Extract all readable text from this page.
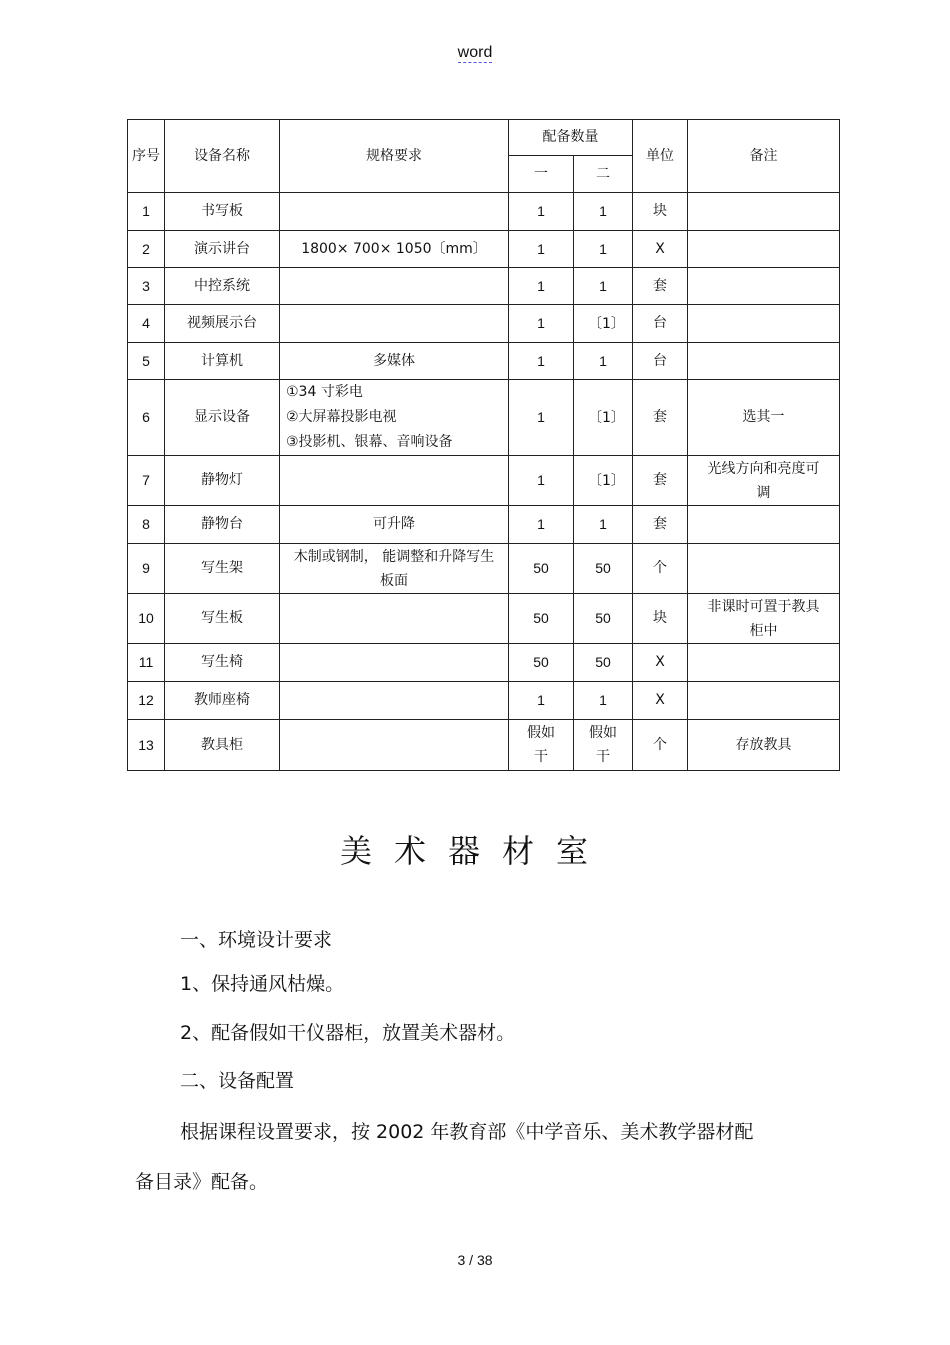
word
序号	设备名称	规格要求	配备数量		单位	备注
			一	二		
1	书写板		1	1	块	
2	演示讲台	1800× 700× 1050〔mm〕	1	1	X	
3	中控系统		1	1	套	
4	视频展示台		1	〔1〕	台	
5	计算机	多媒体	1	1	台	
6	显示设备	①34 寸彩电
②大屏幕投影电视
③投影机、银幕、音响设备	1	〔1〕	套	选其一
7	静物灯		1	〔1〕	套	光线方向和亮度可调
8	静物台	可升降	1	1	套	
9	写生架	木制或钢制， 能调整和升降写生板面	50	50	个	
10	写生板		50	50	块	非课时可置于教具柜中
11	写生椅		50	50	X	
12	教师座椅		1	1	X	
13	教具柜		假如干	假如干	个	存放教具
美术器材室
一、环境设计要求
1、保持通风枯燥。
2、配备假如干仪器柜，放置美术器材。
二、设备配置
根据课程设置要求，按 2002 年教育部《中学音乐、美术教学器材配
备目录》配备。
3 / 38
